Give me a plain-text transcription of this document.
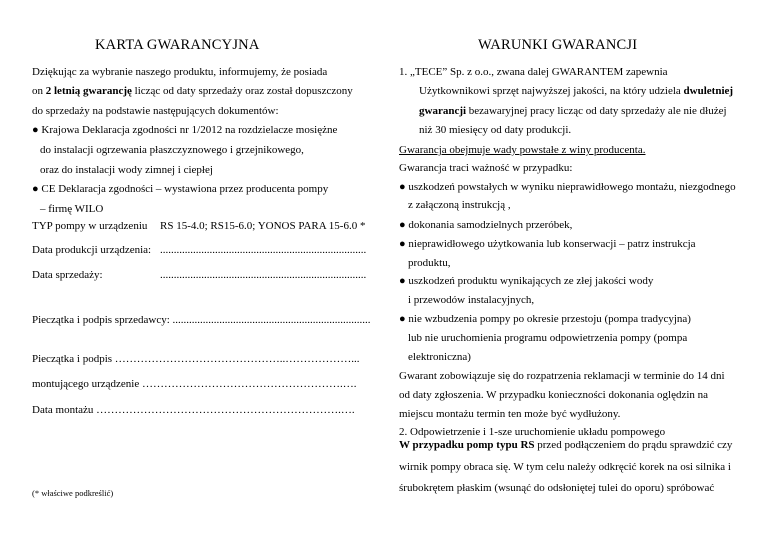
KARTA GWARANCYJNA
Dziękując za wybranie naszego produktu, informujemy, że posiada
on 2 letnią gwarancję licząc od daty sprzedaży oraz został dopuszczony
do sprzedaży na podstawie następujących dokumentów:
● Krajowa Deklaracja zgodności nr 1/2012 na rozdzielacze mosiężne
do instalacji ogrzewania płaszczyznowego i grzejnikowego,
oraz do instalacji wody zimnej i ciepłej
● CE Deklaracja zgodności – wystawiona przez producenta pompy
– firmę WILO
TYP pompy w urządzeniu RS 15-4.0; RS15-6.0; YONOS PARA 15-6.0 *
Data produkcji urządzenia: ...........................................................................
Data sprzedaży:	...........................................................................
Pieczątka i podpis sprzedawcy: ........................................................................
Pieczątka i podpis ………………………………………..………………...
montującego urządzenie ……………………………………………….….
Data montażu ………………………………………………………….….
(* właściwe podkreślić)
WARUNKI GWARANCJI
1. „TECE” Sp. z o.o., zwana dalej GWARANTEM zapewnia
Użytkownikowi sprzęt najwyższej jakości, na który udziela dwuletniej
gwarancji bezawaryjnej pracy licząc od daty sprzedaży ale nie dłużej
niż 30 miesięcy od daty produkcji.
Gwarancja obejmuje wady powstałe z winy producenta.
Gwarancja traci ważność w przypadku:
● uszkodzeń powstałych w wyniku nieprawidłowego montażu, niezgodnego
z załączoną instrukcją ,
● dokonania samodzielnych przeróbek,
● nieprawidłowego użytkowania lub konserwacji – patrz instrukcja
produktu,
● uszkodzeń produktu wynikających ze złej jakości wody
i przewodów instalacyjnych,
● nie wzbudzenia pompy po okresie przestoju (pompa tradycyjna)
lub nie uruchomienia programu odpowietrzenia pompy (pompa
elektroniczna)
Gwarant zobowiązuje się do rozpatrzenia reklamacji w terminie do 14 dni
od daty zgłoszenia. W przypadku konieczności dokonania oględzin na
miejscu montażu termin ten może być wydłużony.
2. Odpowietrzenie i 1-sze uruchomienie układu pompowego
W przypadku pomp typu RS przed podłączeniem do prądu sprawdzić czy
wirnik pompy obraca się. W tym celu należy odkręcić korek na osi silnika i
śrubokrętem płaskim (wsunąć do odsłoniętej tulei do oporu) spróbować
